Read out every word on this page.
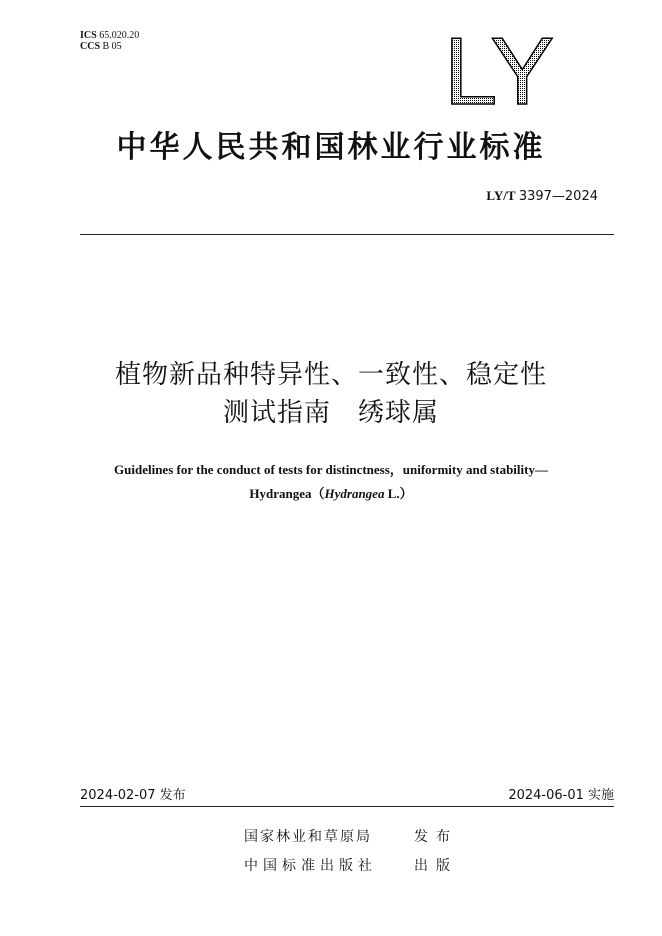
ICS 65.020.20
CCS B 05	LY
中华人民共和国林业行业标准
LY/T 3397—2024
植物新品种特异性、一致性、稳定性
测试指南　绣球属
Guidelines for the conduct of tests for distinctness，uniformity and stability—
Hydrangea（Hydrangea L.）
2024-02-07 发布	2024-06-01 实施
国家林业和草原局	发布
中国标准出版社	出版
